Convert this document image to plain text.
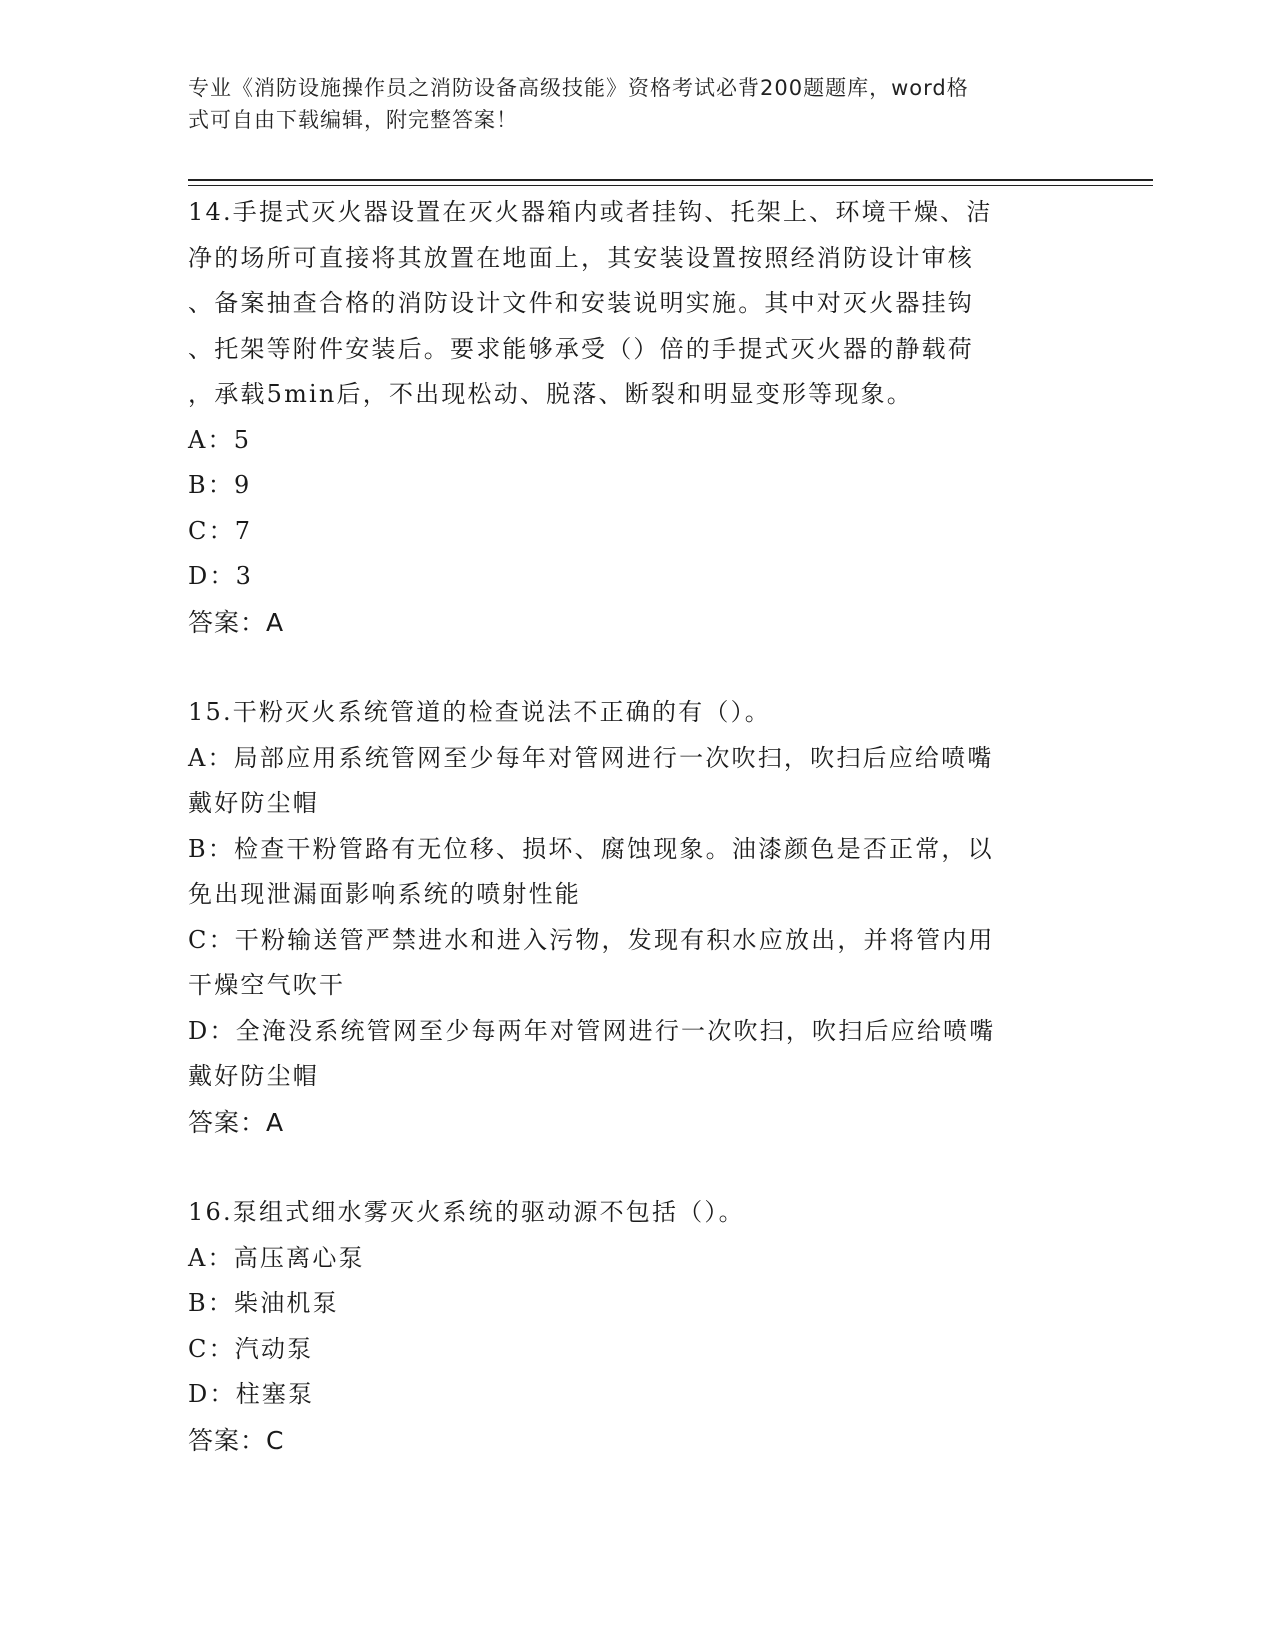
专业《消防设施操作员之消防设备高级技能》资格考试必背200题题库，word格
式可自由下载编辑，附完整答案！
14.手提式灭火器设置在灭火器箱内或者挂钩、托架上、环境干燥、洁
净的场所可直接将其放置在地面上，其安装设置按照经消防设计审核
、备案抽查合格的消防设计文件和安装说明实施。其中对灭火器挂钩
、托架等附件安装后。要求能够承受（）倍的手提式灭火器的静载荷
，承载5min后，不出现松动、脱落、断裂和明显变形等现象。
A：5
B：9
C：7
D：3
答案：A
15.干粉灭火系统管道的检查说法不正确的有（）。
A：局部应用系统管网至少每年对管网进行一次吹扫，吹扫后应给喷嘴
戴好防尘帽
B：检查干粉管路有无位移、损坏、腐蚀现象。油漆颜色是否正常，以
免出现泄漏面影响系统的喷射性能
C：干粉输送管严禁进水和进入污物，发现有积水应放出，并将管内用
干燥空气吹干
D：全淹没系统管网至少每两年对管网进行一次吹扫，吹扫后应给喷嘴
戴好防尘帽
答案：A
16.泵组式细水雾灭火系统的驱动源不包括（）。
A：高压离心泵
B：柴油机泵
C：汽动泵
D：柱塞泵
答案：C
